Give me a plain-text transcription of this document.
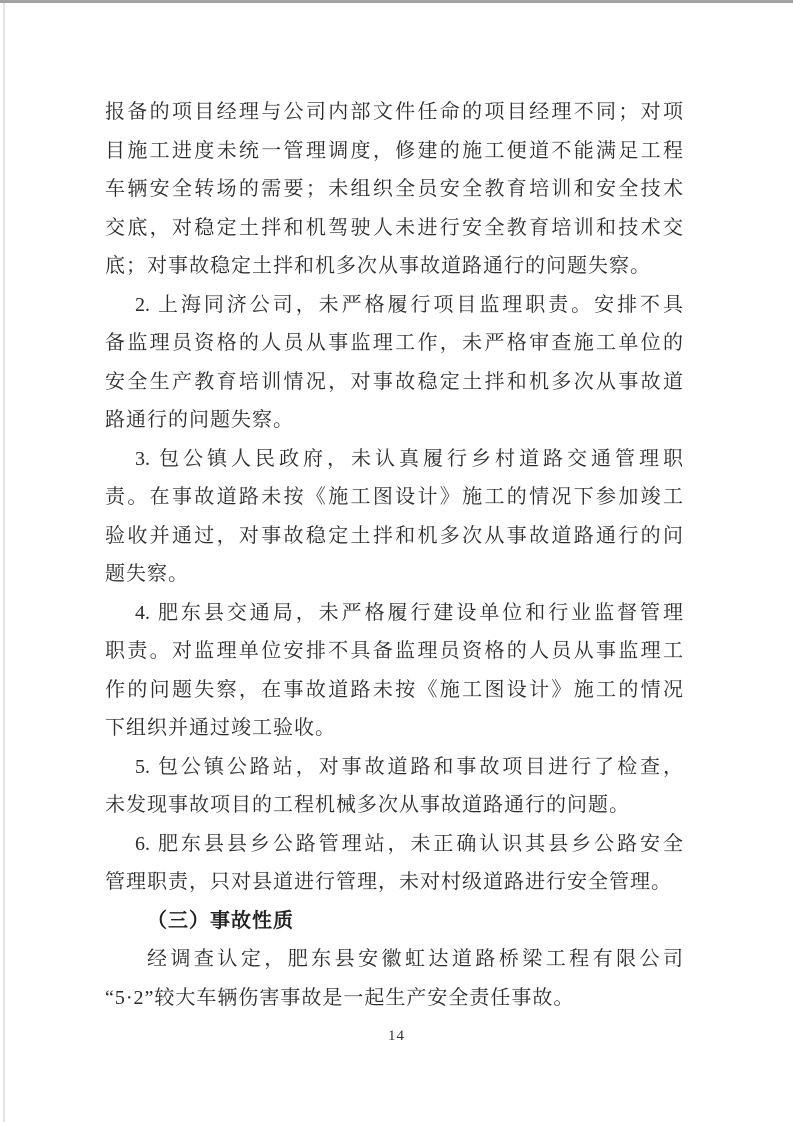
报备的项目经理与公司内部文件任命的项目经理不同；对项
目施工进度未统一管理调度，修建的施工便道不能满足工程
车辆安全转场的需要；未组织全员安全教育培训和安全技术
交底，对稳定土拌和机驾驶人未进行安全教育培训和技术交
底；对事故稳定土拌和机多次从事故道路通行的问题失察。
2. 上海同济公司，未严格履行项目监理职责。安排不具
备监理员资格的人员从事监理工作，未严格审查施工单位的
安全生产教育培训情况，对事故稳定土拌和机多次从事故道
路通行的问题失察。
3. 包公镇人民政府，未认真履行乡村道路交通管理职
责。在事故道路未按《施工图设计》施工的情况下参加竣工
验收并通过，对事故稳定土拌和机多次从事故道路通行的问
题失察。
4. 肥东县交通局，未严格履行建设单位和行业监督管理
职责。对监理单位安排不具备监理员资格的人员从事监理工
作的问题失察，在事故道路未按《施工图设计》施工的情况
下组织并通过竣工验收。
5. 包公镇公路站，对事故道路和事故项目进行了检查，
未发现事故项目的工程机械多次从事故道路通行的问题。
6. 肥东县县乡公路管理站，未正确认识其县乡公路安全
管理职责，只对县道进行管理，未对村级道路进行安全管理。
（三）事故性质
经调查认定，肥东县安徽虹达道路桥梁工程有限公司
“5·2”较大车辆伤害事故是一起生产安全责任事故。
14
